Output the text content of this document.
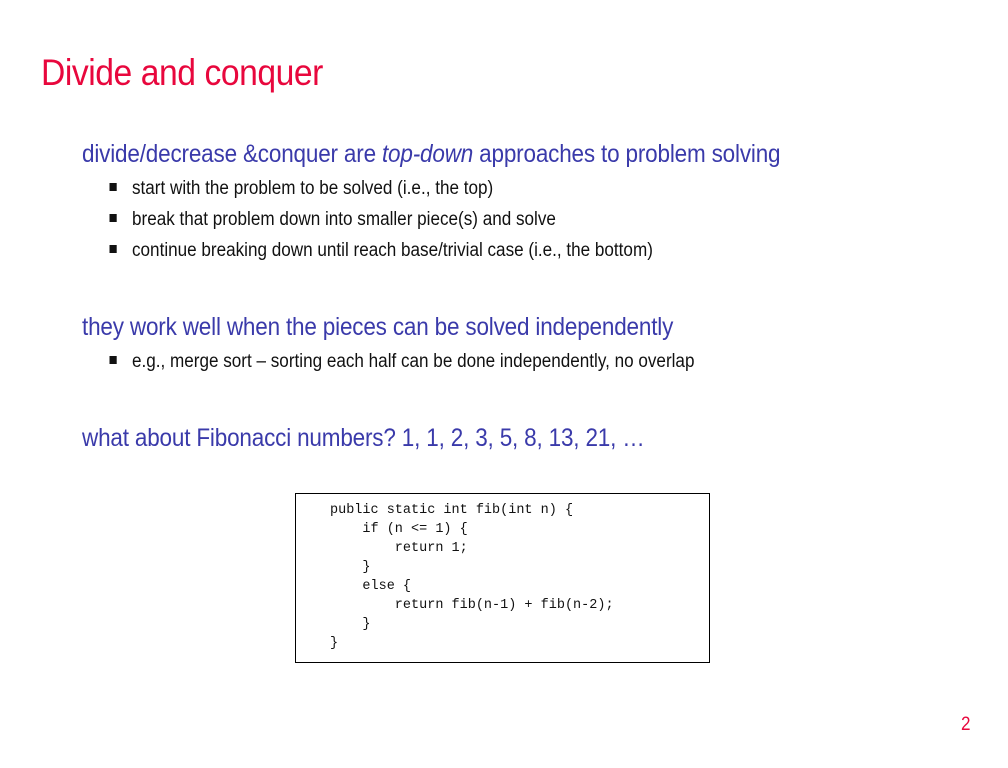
Divide and conquer

divide/decrease &conquer are top-down approaches to problem solving

start with the problem to be solved (i.e., the top)

break that problem down into smaller piece(s) and solve

continue breaking down until reach base/trivial case (i.e., the bottom)

they work well when the pieces can be solved independently

e.g., merge sort – sorting each half can be done independently, no overlap

what about Fibonacci numbers? 1, 1, 2, 3, 5, 8, 13, 21, …

public static int fib(int n) {
if (n <= 1) {
return 1;
}
else {
return fib(n-1) + fib(n-2);
}
}
2
